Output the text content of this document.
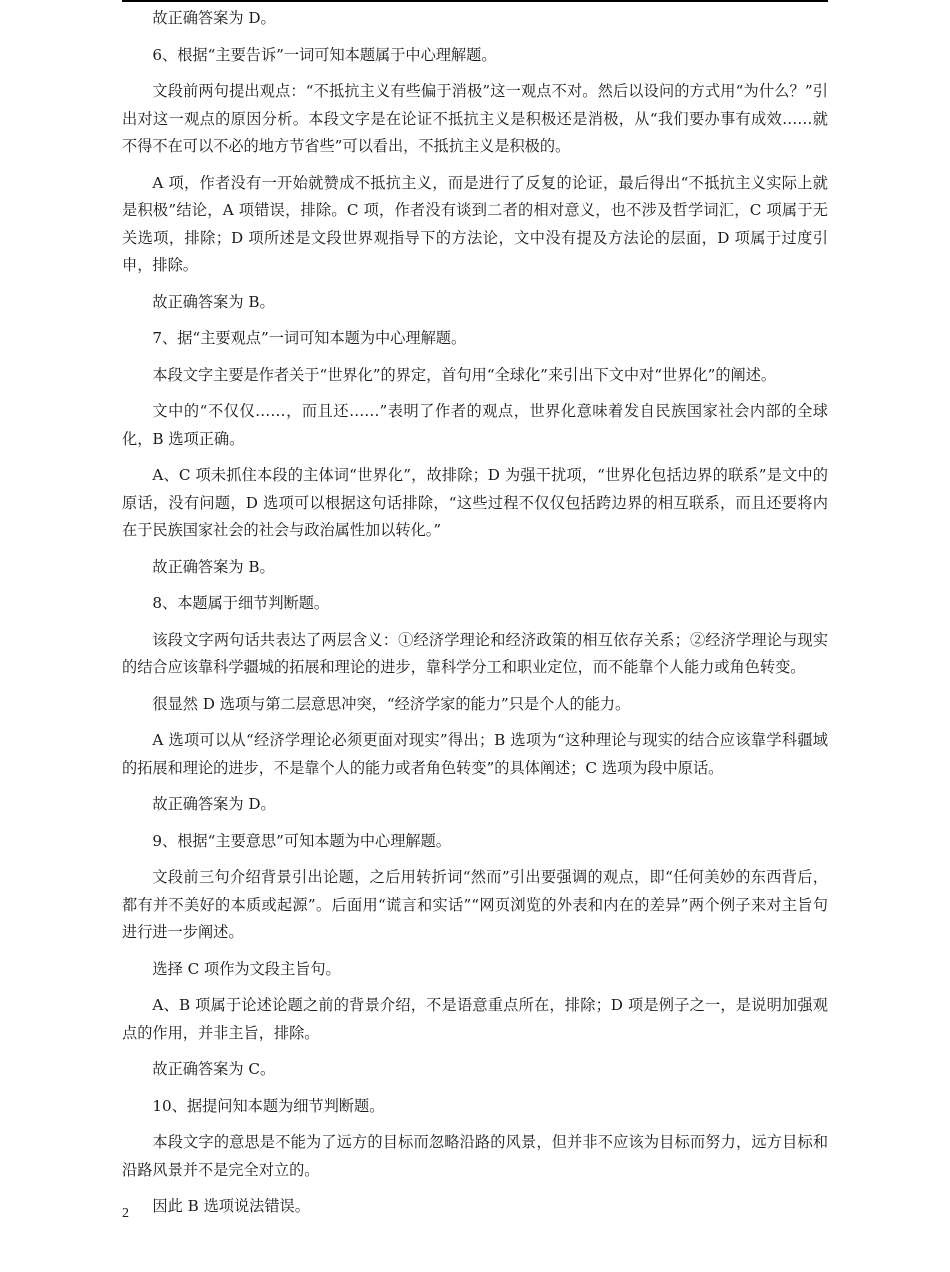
故正确答案为 D。

6、根据“主要告诉”一词可知本题属于中心理解题。

文段前两句提出观点：“不抵抗主义有些偏于消极”这一观点不对。然后以设问的方式用“为什么？”引出对这一观点的原因分析。本段文字是在论证不抵抗主义是积极还是消极，从“我们要办事有成效……就不得不在可以不必的地方节省些”可以看出，不抵抗主义是积极的。

A 项，作者没有一开始就赞成不抵抗主义，而是进行了反复的论证，最后得出“不抵抗主义实际上就是积极”结论，A 项错误，排除。C 项，作者没有谈到二者的相对意义，也不涉及哲学词汇，C 项属于无关选项，排除；D 项所述是文段世界观指导下的方法论，文中没有提及方法论的层面，D 项属于过度引申，排除。

故正确答案为 B。

7、据“主要观点”一词可知本题为中心理解题。

本段文字主要是作者关于“世界化”的界定，首句用“全球化”来引出下文中对“世界化”的阐述。

文中的“不仅仅……，而且还……”表明了作者的观点，世界化意味着发自民族国家社会内部的全球化，B 选项正确。

A、C 项未抓住本段的主体词“世界化”，故排除；D 为强干扰项，“世界化包括边界的联系”是文中的原话，没有问题，D 选项可以根据这句话排除，“这些过程不仅仅包括跨边界的相互联系，而且还要将内在于民族国家社会的社会与政治属性加以转化。”

故正确答案为 B。

8、本题属于细节判断题。

该段文字两句话共表达了两层含义：①经济学理论和经济政策的相互依存关系；②经济学理论与现实的结合应该靠科学疆城的拓展和理论的进步，靠科学分工和职业定位，而不能靠个人能力或角色转变。

很显然 D 选项与第二层意思冲突，“经济学家的能力”只是个人的能力。

A 选项可以从“经济学理论必须更面对现实”得出；B 选项为“这种理论与现实的结合应该靠学科疆域的拓展和理论的进步，不是靠个人的能力或者角色转变”的具体阐述；C 选项为段中原话。

故正确答案为 D。

9、根据“主要意思”可知本题为中心理解题。

文段前三句介绍背景引出论题，之后用转折词“然而”引出要强调的观点，即“任何美妙的东西背后，都有并不美好的本质或起源”。后面用“谎言和实话”“网页浏览的外表和内在的差异”两个例子来对主旨句进行进一步阐述。

选择 C 项作为文段主旨句。

A、B 项属于论述论题之前的背景介绍，不是语意重点所在，排除；D 项是例子之一，是说明加强观点的作用，并非主旨，排除。

故正确答案为 C。

10、据提问知本题为细节判断题。

本段文字的意思是不能为了远方的目标而忽略沿路的风景，但并非不应该为目标而努力，远方目标和沿路风景并不是完全对立的。

因此 B 选项说法错误。

2
